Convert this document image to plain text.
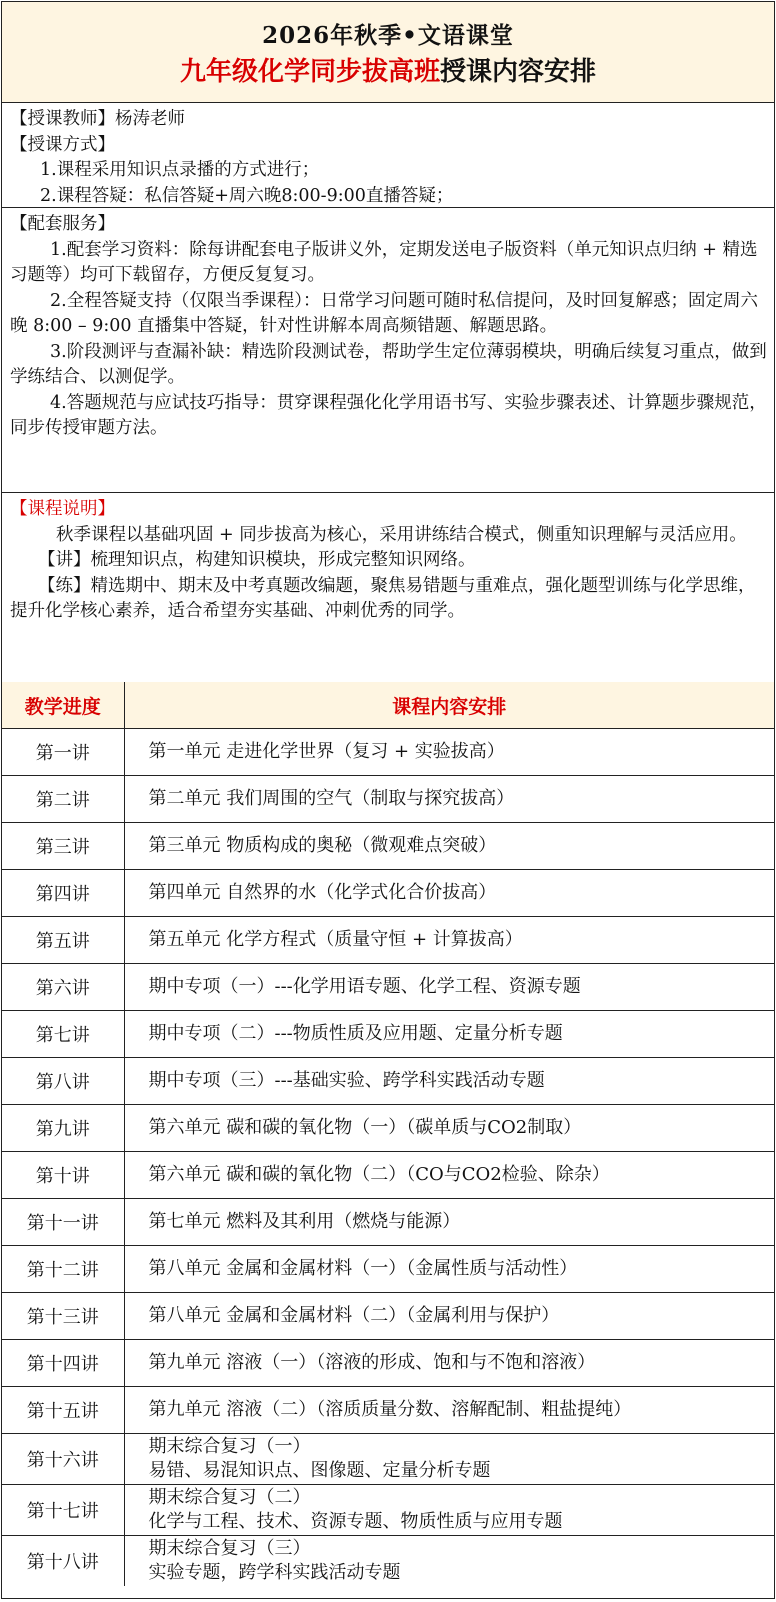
2026年秋季•文语课堂
九年级化学同步拔高班授课内容安排

【授课教师】杨涛老师

【授课方式】

1.课程采用知识点录播的方式进行；

2.课程答疑：私信答疑+周六晚8:00-9:00直播答疑；

【配套服务】

1.配套学习资料：除每讲配套电子版讲义外，定期发送电子版资料（单元知识点归纳 + 精选习题等）均可下载留存，方便反复复习。

2.全程答疑支持（仅限当季课程）：日常学习问题可随时私信提问，及时回复解惑；固定周六晚 8:00 – 9:00 直播集中答疑，针对性讲解本周高频错题、解题思路。

3.阶段测评与查漏补缺：精选阶段测试卷，帮助学生定位薄弱模块，明确后续复习重点，做到学练结合、以测促学。

4.答题规范与应试技巧指导：贯穿课程强化化学用语书写、实验步骤表述、计算题步骤规范，同步传授审题方法。

【课程说明】

秋季课程以基础巩固 + 同步拔高为核心，采用讲练结合模式，侧重知识理解与灵活应用。

【讲】梳理知识点，构建知识模块，形成完整知识网络。

【练】精选期中、期末及中考真题改编题，聚焦易错题与重难点，强化题型训练与化学思维，提升化学核心素养，适合希望夯实基础、冲刺优秀的同学。

教学进度	课程内容安排
第一讲	第一单元 走进化学世界（复习 + 实验拔高）
第二讲	第二单元 我们周围的空气（制取与探究拔高）
第三讲	第三单元 物质构成的奥秘（微观难点突破）
第四讲	第四单元 自然界的水（化学式化合价拔高）
第五讲	第五单元 化学方程式（质量守恒 + 计算拔高）
第六讲	期中专项（一）---化学用语专题、化学工程、资源专题
第七讲	期中专项（二）---物质性质及应用题、定量分析专题
第八讲	期中专项（三）---基础实验、跨学科实践活动专题
第九讲	第六单元 碳和碳的氧化物（一）（碳单质与CO2制取）
第十讲	第六单元 碳和碳的氧化物（二）（CO与CO2检验、除杂）
第十一讲	第七单元 燃料及其利用（燃烧与能源）
第十二讲	第八单元 金属和金属材料（一）（金属性质与活动性）
第十三讲	第八单元 金属和金属材料（二）（金属利用与保护）
第十四讲	第九单元 溶液（一）（溶液的形成、饱和与不饱和溶液）
第十五讲	第九单元 溶液（二）（溶质质量分数、溶解配制、粗盐提纯）
第十六讲	期末综合复习（一）
易错、易混知识点、图像题、定量分析专题

第十七讲	期末综合复习（二）
化学与工程、技术、资源专题、物质性质与应用专题

第十八讲	期末综合复习（三）
实验专题，跨学科实践活动专题
